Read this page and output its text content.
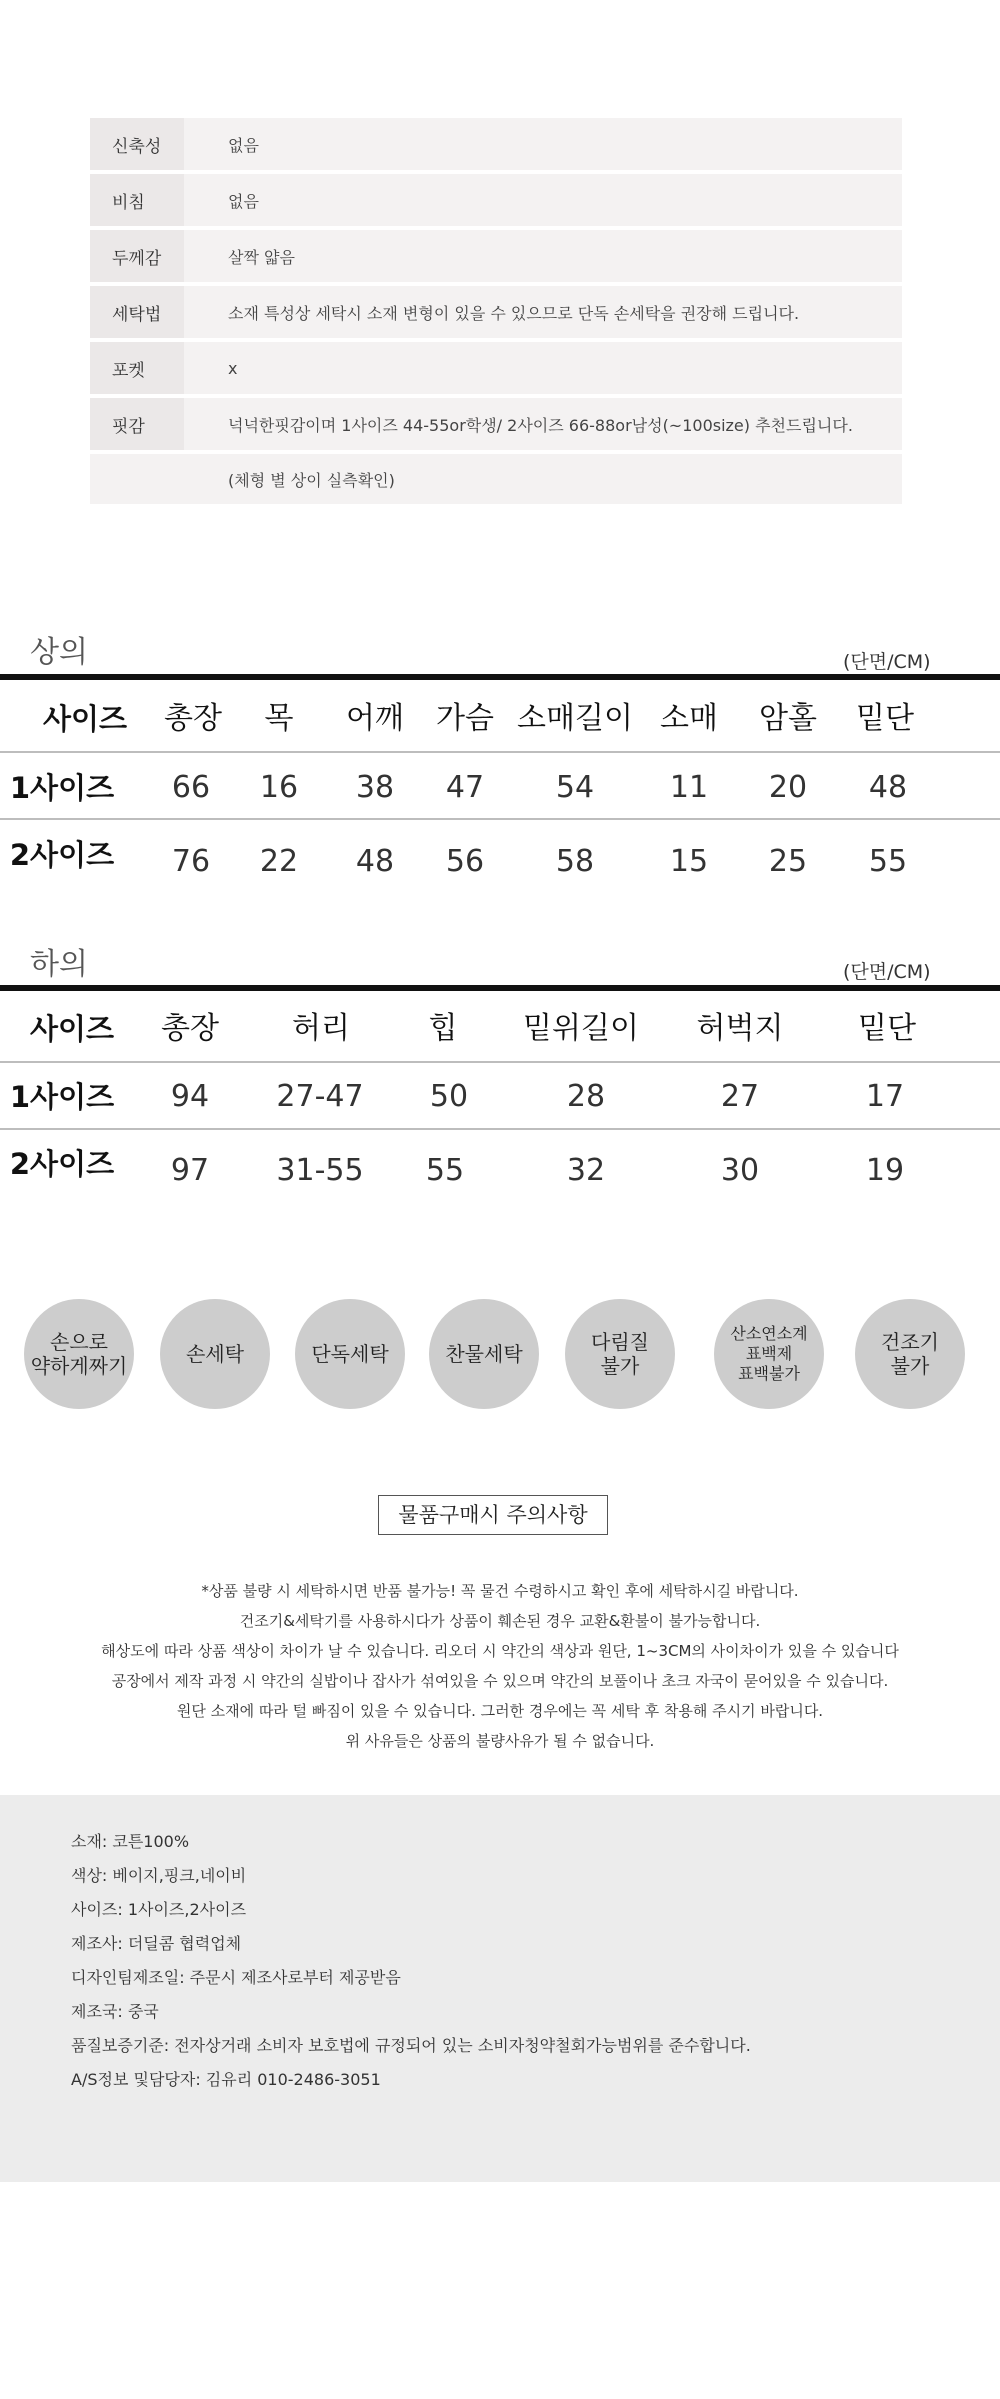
신축성	없음
비침	없음
두께감	살짝 얇음
세탁법	소재 특성상 세탁시 소재 변형이 있을 수 있으므로 단독 손세탁을 권장해 드립니다.
포켓	x
핏감	넉넉한핏감이며 1사이즈 44-55or학생/ 2사이즈 66-88or남성(~100size) 추천드립니다.
(체형 별 상이 실측확인)
상의	(단면/CM)
사이즈 총장 목 어깨 가슴 소매길이 소매 암홀 밑단
1사이즈 66 16 38 47 54	11 20 48
2사이즈 76 22 48 56 58	15 25 55
하의	(단면/CM)
사이즈 총장 허리	힙 밑위길이 허벅지 밑단
1사이즈 94 27-47 50	28	27	17
2사이즈 97 31-55 55	32	30	19
손으로
약하게짜기	손세탁	단독세탁	찬물세탁	다림질
불가
산소연소계
표백제
표백불가
건조기
불가
물품구매시 주의사항
*상품 불량 시 세탁하시면 반품 불가능! 꼭 물건 수령하시고 확인 후에 세탁하시길 바랍니다.
건조기&세탁기를 사용하시다가 상품이 훼손된 경우 교환&환불이 불가능합니다.
해상도에 따라 상품 색상이 차이가 날 수 있습니다. 리오더 시 약간의 색상과 원단, 1~3CM의 사이차이가 있을 수 있습니다
공장에서 제작 과정 시 약간의 실밥이나 잡사가 섞여있을 수 있으며 약간의 보풀이나 초크 자국이 묻어있을 수 있습니다.
원단 소재에 따라 털 빠짐이 있을 수 있습니다. 그러한 경우에는 꼭 세탁 후 착용해 주시기 바랍니다.
위 사유들은 상품의 불량사유가 될 수 없습니다.
소재: 코튼100%
색상: 베이지,핑크,네이비
사이즈: 1사이즈,2사이즈
제조사: 더딜콤 협력업체
디자인팀제조일: 주문시 제조사로부터 제공받음
제조국: 중국
품질보증기준: 전자상거래 소비자 보호법에 규정되어 있는 소비자청약철회가능범위를 준수합니다.
A/S정보 및담당자: 김유리 010-2486-3051
